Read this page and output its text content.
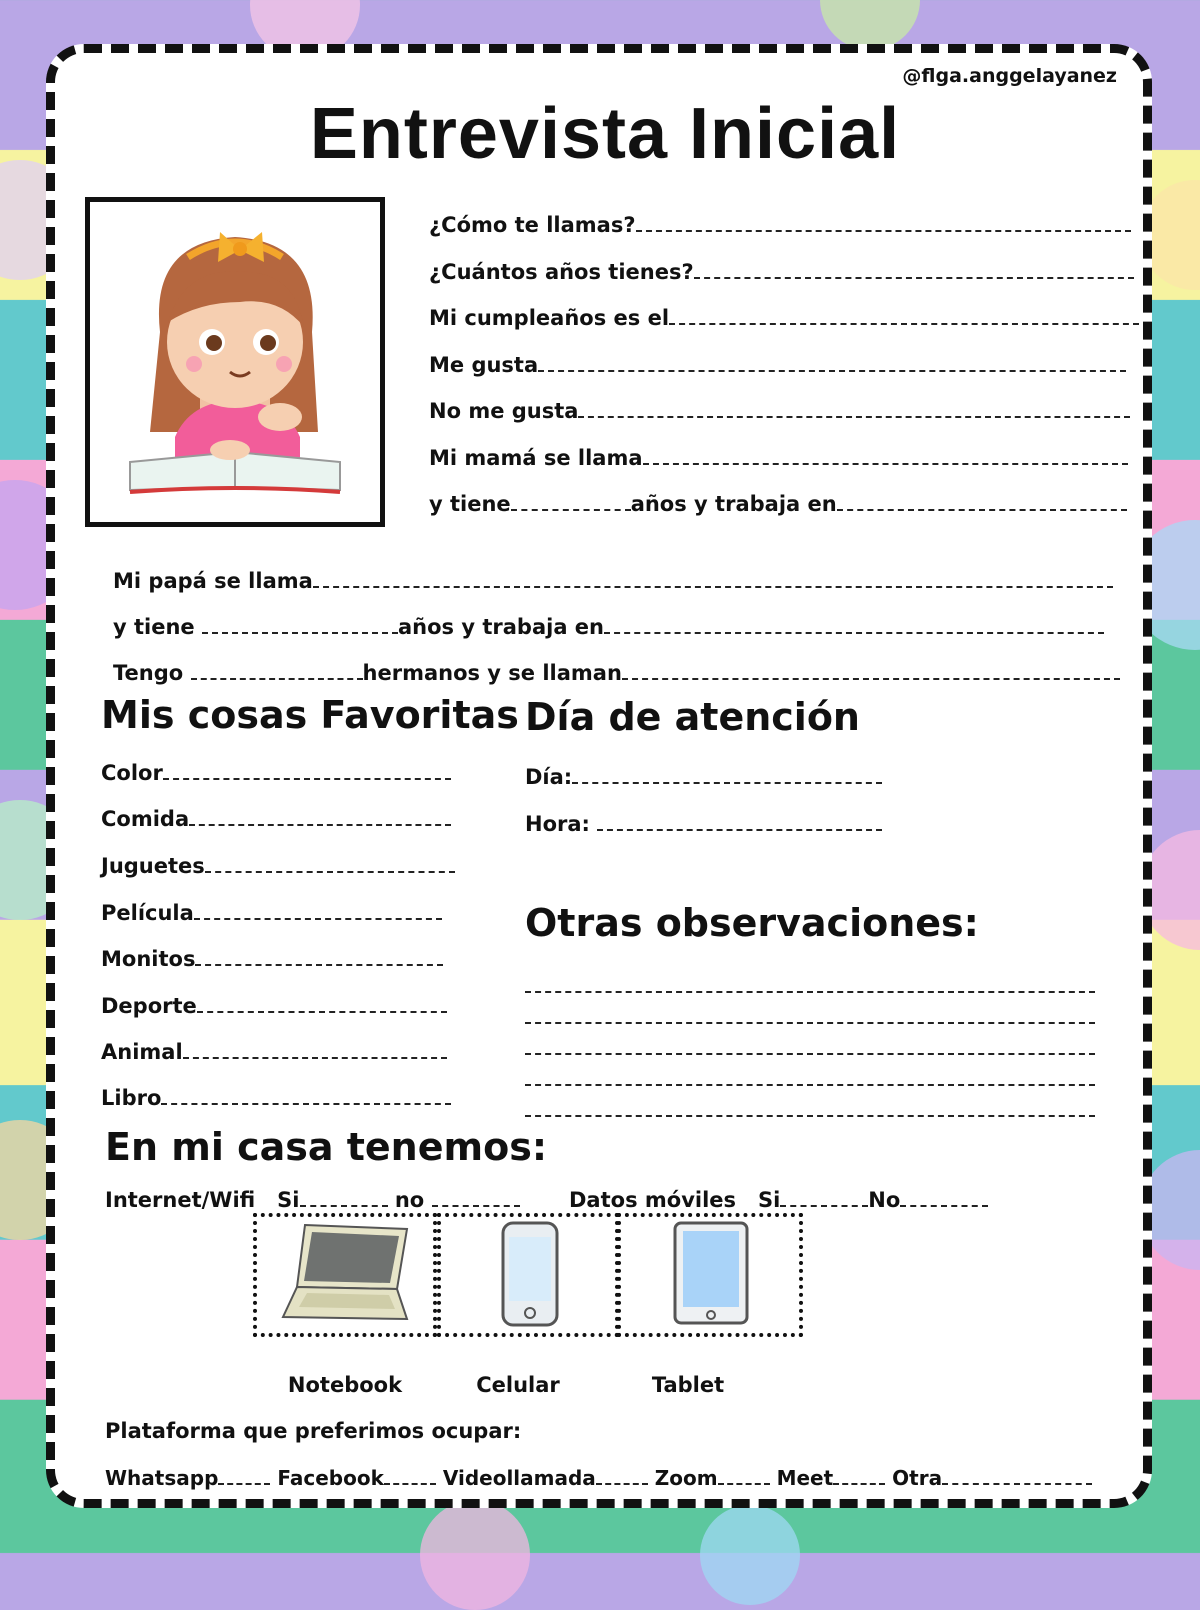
@flga.anggelayanez
Entrevista Inicial
¿Cómo te llamas?
¿Cuántos años tienes?
Mi cumpleaños es el
Me gusta
No me gusta
Mi mamá se llama
y tiene	años y trabaja en
Mi papá se llama
y tiene	años y trabaja en
Tengo	hermanos y se llaman
Mis cosas Favoritas
Color
Comida
Juguetes
Película
Monitos
Deporte
Animal
Libro
Día de atención
Día:
Hora:
Otras observaciones:
En mi casa tenemos:
Internet/Wifi Si	no	Datos móviles Si	No
Notebook	Celular	Tablet
Plataforma que preferimos ocupar:
Whatsapp	Facebook	Videollamada	Zoom	Meet	Otra
